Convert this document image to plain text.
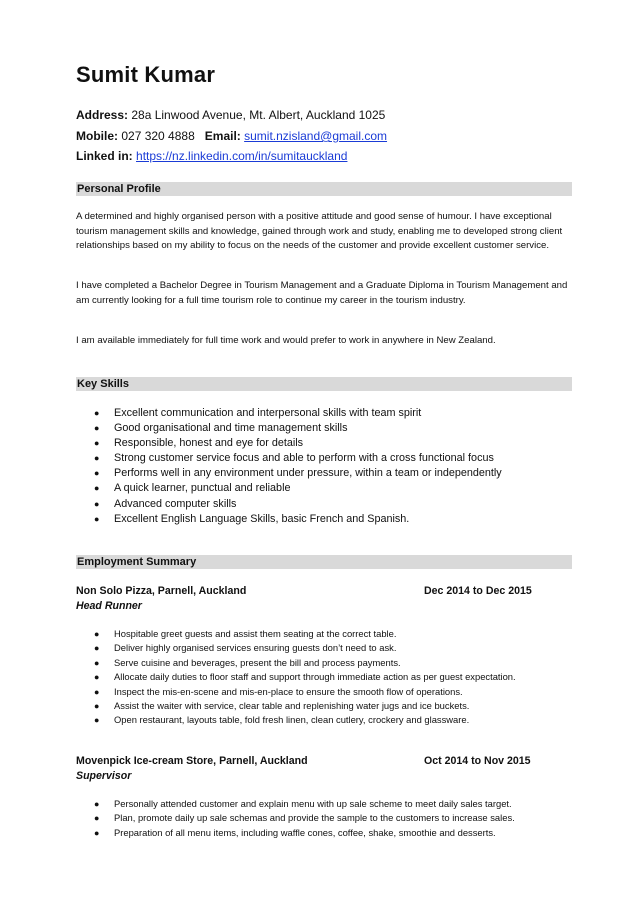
Sumit Kumar
Address: 28a Linwood Avenue, Mt. Albert, Auckland 1025
Mobile: 027 320 4888 Email: sumit.nzisland@gmail.com
Linked in: https://nz.linkedin.com/in/sumitauckland
Personal Profile

A determined and highly organised person with a positive attitude and good sense of humour. I have exceptional tourism management skills and knowledge, gained through work and study, enabling me to developed strong client relationships based on my ability to focus on the needs of the customer and provide excellent customer service.

I have completed a Bachelor Degree in Tourism Management and a Graduate Diploma in Tourism Management and am currently looking for a full time tourism role to continue my career in the tourism industry.

I am available immediately for full time work and would prefer to work in anywhere in New Zealand.

Key Skills
● Excellent communication and interpersonal skills with team spirit
● Good organisational and time management skills
● Responsible, honest and eye for details
● Strong customer service focus and able to perform with a cross functional focus
● Performs well in any environment under pressure, within a team or independently
● A quick learner, punctual and reliable
● Advanced computer skills
● Excellent English Language Skills, basic French and Spanish.
Employment Summary
Non Solo Pizza, Parnell, Auckland	Dec 2014 to Dec 2015
Head Runner
● Hospitable greet guests and assist them seating at the correct table.
● Deliver highly organised services ensuring guests don’t need to ask.
● Serve cuisine and beverages, present the bill and process payments.
● Allocate daily duties to floor staff and support through immediate action as per guest expectation.
● Inspect the mis-en-scene and mis-en-place to ensure the smooth flow of operations.
● Assist the waiter with service, clear table and replenishing water jugs and ice buckets.
● Open restaurant, layouts table, fold fresh linen, clean cutlery, crockery and glassware.
Movenpick Ice-cream Store, Parnell, Auckland	Oct 2014 to Nov 2015
Supervisor
● Personally attended customer and explain menu with up sale scheme to meet daily sales target.
● Plan, promote daily up sale schemas and provide the sample to the customers to increase sales.
● Preparation of all menu items, including waffle cones, coffee, shake, smoothie and desserts.
